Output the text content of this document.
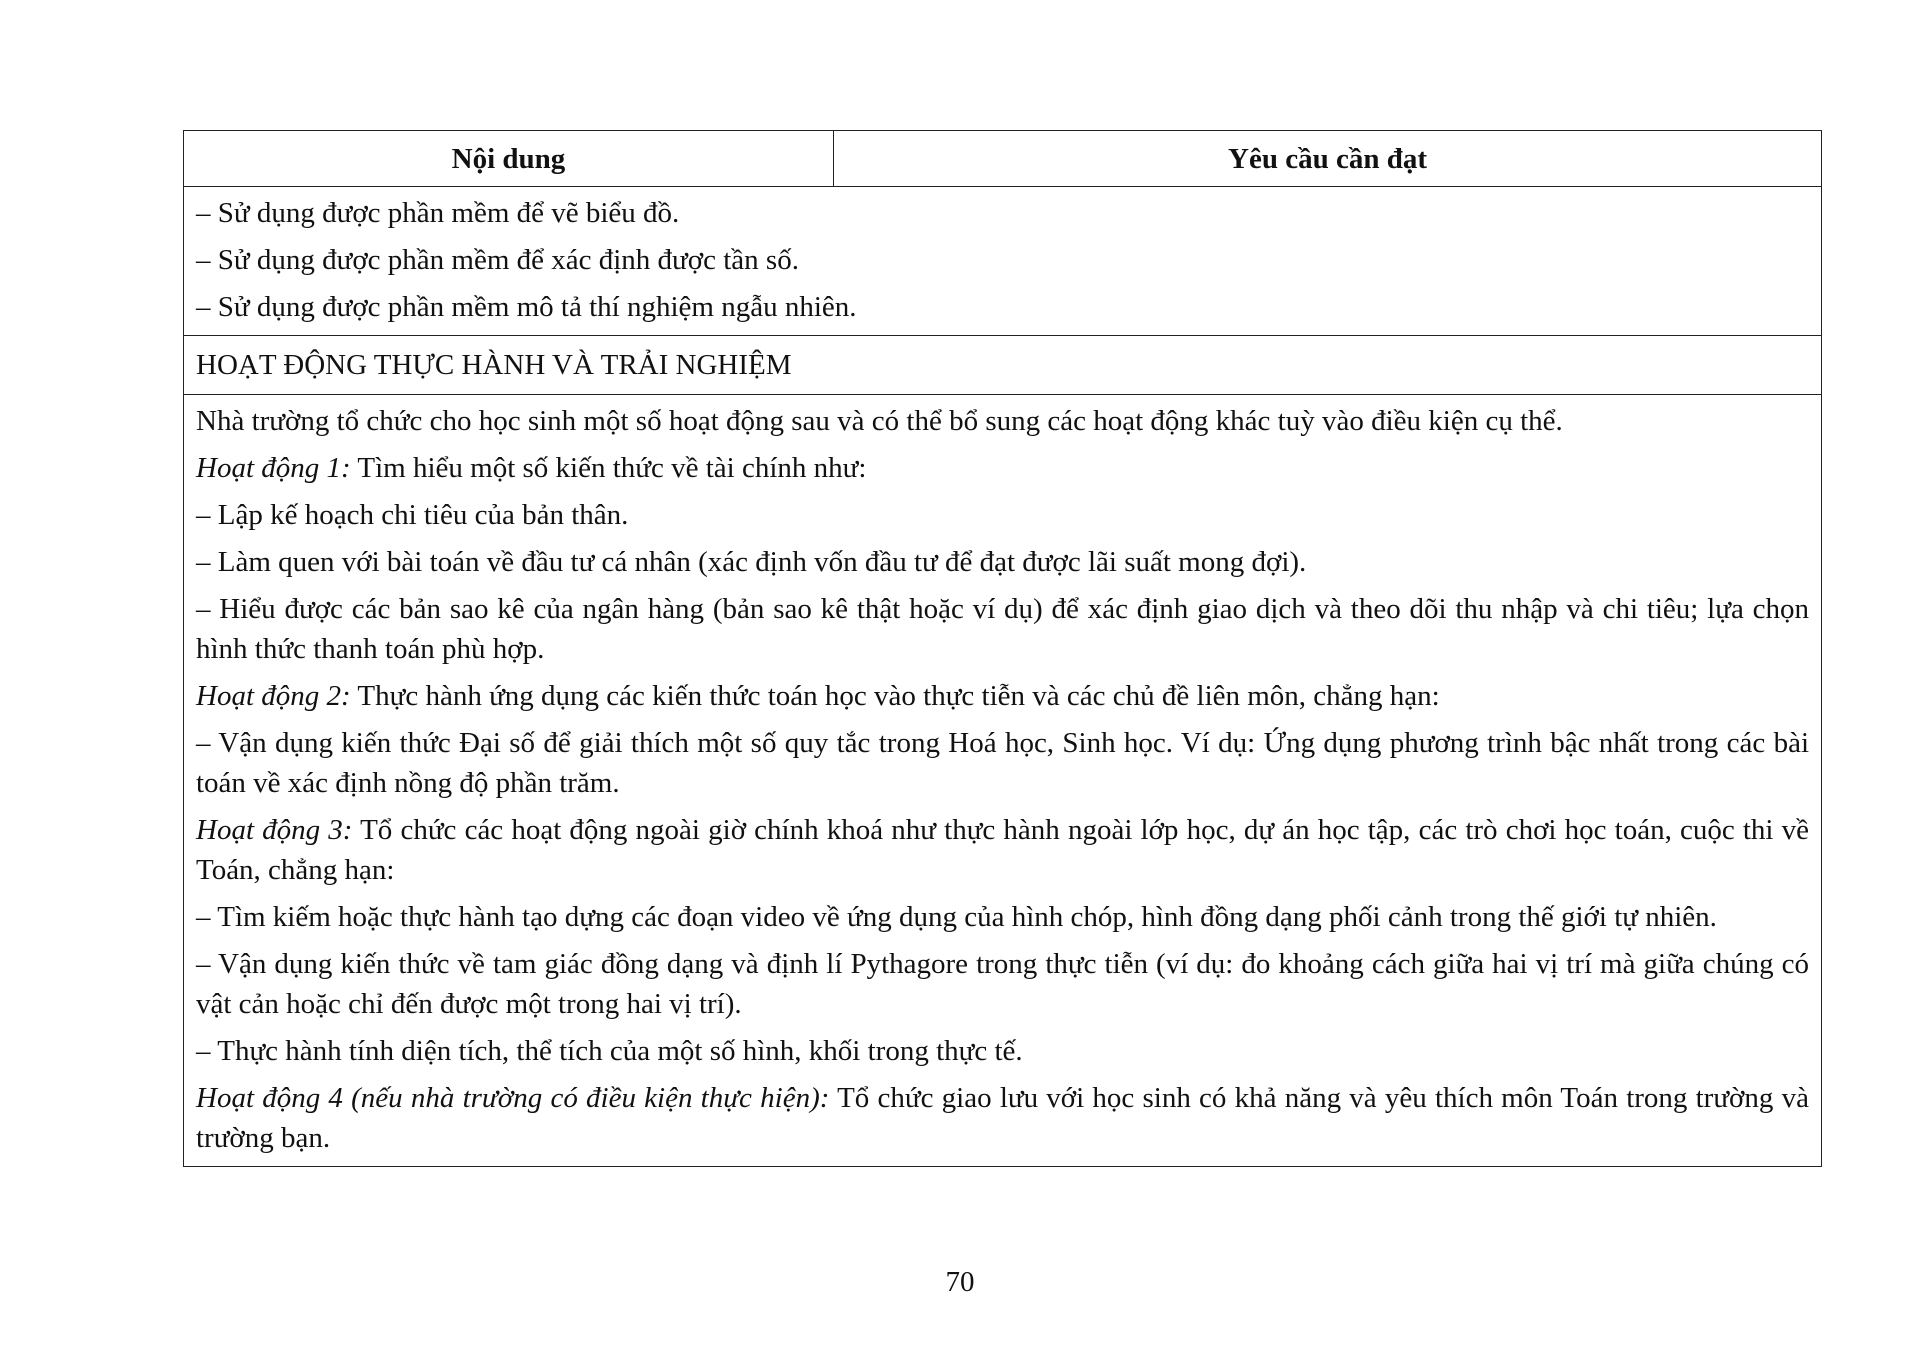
Nội dung	Yêu cầu cần đạt

– Sử dụng được phần mềm để vẽ biểu đồ.

– Sử dụng được phần mềm để xác định được tần số.

– Sử dụng được phần mềm mô tả thí nghiệm ngẫu nhiên.

HOẠT ĐỘNG THỰC HÀNH VÀ TRẢI NGHIỆM

Nhà trường tổ chức cho học sinh một số hoạt động sau và có thể bổ sung các hoạt động khác tuỳ vào điều kiện cụ thể.

Hoạt động 1: Tìm hiểu một số kiến thức về tài chính như:

– Lập kế hoạch chi tiêu của bản thân.

– Làm quen với bài toán về đầu tư cá nhân (xác định vốn đầu tư để đạt được lãi suất mong đợi).

– Hiểu được các bản sao kê của ngân hàng (bản sao kê thật hoặc ví dụ) để xác định giao dịch và theo dõi thu nhập và chi tiêu; lựa chọn hình thức thanh toán phù hợp.

Hoạt động 2: Thực hành ứng dụng các kiến thức toán học vào thực tiễn và các chủ đề liên môn, chẳng hạn:

– Vận dụng kiến thức Đại số để giải thích một số quy tắc trong Hoá học, Sinh học. Ví dụ: Ứng dụng phương trình bậc nhất trong các bài toán về xác định nồng độ phần trăm.

Hoạt động 3: Tổ chức các hoạt động ngoài giờ chính khoá như thực hành ngoài lớp học, dự án học tập, các trò chơi học toán, cuộc thi về Toán, chẳng hạn:

– Tìm kiếm hoặc thực hành tạo dựng các đoạn video về ứng dụng của hình chóp, hình đồng dạng phối cảnh trong thế giới tự nhiên.

– Vận dụng kiến thức về tam giác đồng dạng và định lí Pythagore trong thực tiễn (ví dụ: đo khoảng cách giữa hai vị trí mà giữa chúng có vật cản hoặc chỉ đến được một trong hai vị trí).

– Thực hành tính diện tích, thể tích của một số hình, khối trong thực tế.

Hoạt động 4 (nếu nhà trường có điều kiện thực hiện): Tổ chức giao lưu với học sinh có khả năng và yêu thích môn Toán trong trường và trường bạn.

70
